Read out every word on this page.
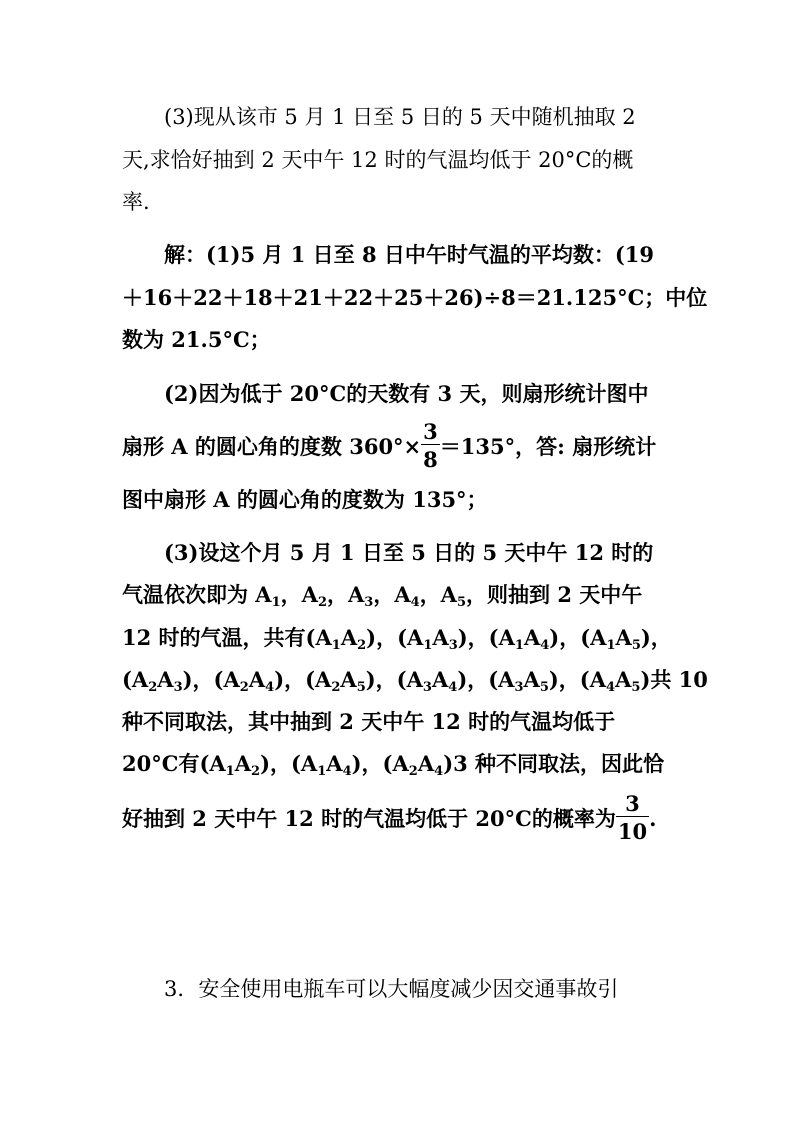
(3)现从该市 5 月 1 日至 5 日的 5 天中随机抽取 2
天,求恰好抽到 2 天中午 12 时的气温均低于 20°C的概
率.
解：(1)5 月 1 日至 8 日中午时气温的平均数：(19
＋16＋22＋18＋21＋22＋25＋26)÷8＝21.125°C；中位
数为 21.5°C；
(2)因为低于 20°C的天数有 3 天，则扇形统计图中
扇形 A 的圆心角的度数 $360^\circ\times \frac{3}{8} =135^\circ$，答: 扇形统计
图中扇形 A 的圆心角的度数为 135°；
(3)设这个月 5 月 1 日至 5 日的 5 天中午 12 时的
气温依次即为 $A_1$，$A_2$，$A_3$，$A_4$，$A_5$，则抽到 2 天中午
12 时的气温，共有$(A_1A_2)$，$(A_1A_3)$，$(A_1A_4)$，$(A_1A_5)$，
$(A_2A_3)$，$(A_2A_4)$，$(A_2A_5)$，$(A_3A_4)$，$(A_3A_5)$，$(A_4A_5)$共 10
种不同取法，其中抽到 2 天中午 12 时的气温均低于
20°C有$(A_1A_2)$，$(A_1A_4)$，$(A_2A_4)3$ 种不同取法，因此恰
好抽到 2 天中午 12 时的气温均低于 20°C的概率为 $\frac{3}{10}$ .
3．安全使用电瓶车可以大幅度减少因交通事故引
